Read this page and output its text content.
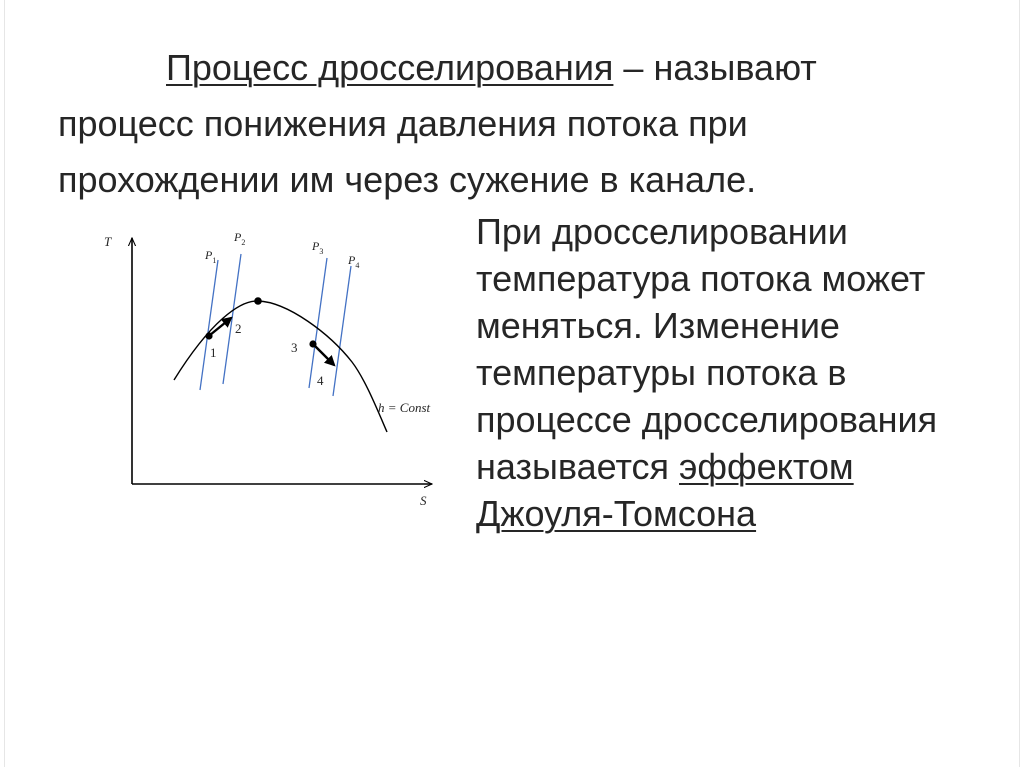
Процесс дросселирования – называют
процесс понижения давления потока при
прохождении им через сужение в канале.

T
S
$P_1$
$P_2$	$P_3$
$P_4$
1
2
3
4
h = Const

При дросселировании
температура потока может
меняться. Изменение
температуры потока в
процессе дросселирования
называется эффектом
Джоуля-Томсона
